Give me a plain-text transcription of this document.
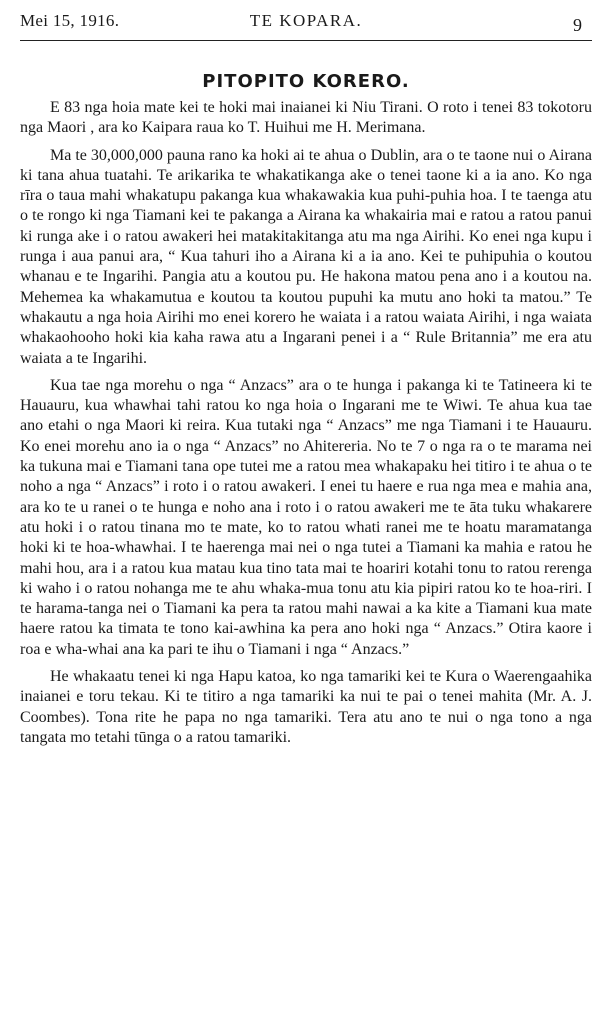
Mei 15, 1916.	TE KOPARA.	9
PITOPITO KORERO.

E 83 nga hoia mate kei te hoki mai inaianei ki Niu Tirani. O roto i tenei 83 tokotoru nga Maori , ara ko Kaipara raua ko T. Huihui me H. Merimana.

Ma te 30,000,000 pauna rano ka hoki ai te ahua o Dublin, ara o te taone nui o Airana ki tana ahua tuatahi. Te arikarika te whakatikanga ake o tenei taone ki a ia ano. Ko nga rīra o taua mahi whakatupu pakanga kua whakawakia kua puhi-puhia hoa. I te taenga atu o te rongo ki nga Tiamani kei te pakanga a Airana ka whakairia mai e ratou a ratou panui ki runga ake i o ratou awakeri hei matakitakitanga atu ma nga Airihi. Ko enei nga kupu i runga i aua panui ara, “ Kua tahuri iho a Airana ki a ia ano. Kei te puhipuhia o koutou whanau e te Ingarihi. Pangia atu a koutou pu. He hakona matou pena ano i a koutou na. Mehemea ka whakamutua e koutou ta koutou pupuhi ka mutu ano hoki ta matou.” Te whakautu a nga hoia Airihi mo enei korero he waiata i a ratou waiata Airihi, i nga waiata whakaohooho hoki kia kaha rawa atu a Ingarani penei i a “ Rule Britannia” me era atu waiata a te Ingarihi.

Kua tae nga morehu o nga “ Anzacs” ara o te hunga i pakanga ki te Tatineera ki te Hauauru, kua whawhai tahi ratou ko nga hoia o Ingarani me te Wiwi. Te ahua kua tae ano etahi o nga Maori ki reira. Kua tutaki nga “ Anzacs” me nga Tiamani i te Hauauru. Ko enei morehu ano ia o nga “ Anzacs” no Ahitereria. No te 7 o nga ra o te marama nei ka tukuna mai e Tiamani tana ope tutei me a ratou mea whakapaku hei titiro i te ahua o te noho a nga “ Anzacs” i roto i o ratou awakeri. I enei tu haere e rua nga mea e mahia ana, ara ko te u ranei o te hunga e noho ana i roto i o ratou awakeri me te āta tuku whakarere atu hoki i o ratou tinana mo te mate, ko to ratou whati ranei me te hoatu maramatanga hoki ki te hoa-whawhai. I te haerenga mai nei o nga tutei a Tiamani ka mahia e ratou he mahi hou, ara i a ratou kua matau kua tino tata mai te hoariri kotahi tonu to ratou rerenga ki waho i o ratou nohanga me te ahu whaka-mua tonu atu kia pipiri ratou ko te hoa-riri. I te harama-tanga nei o Tiamani ka pera ta ratou mahi nawai a ka kite a Tiamani kua mate haere ratou ka timata te tono kai-awhina ka pera ano hoki nga “ Anzacs.” Otira kaore i roa e wha-whai ana ka pari te ihu o Tiamani i nga “ Anzacs.”

He whakaatu tenei ki nga Hapu katoa, ko nga tamariki kei te Kura o Waerengaahika inaianei e toru tekau. Ki te titiro a nga tamariki ka nui te pai o tenei mahita (Mr. A. J. Coombes). Tona rite he papa no nga tamariki. Tera atu ano te nui o nga tono a nga tangata mo tetahi tūnga o a ratou tamariki.
